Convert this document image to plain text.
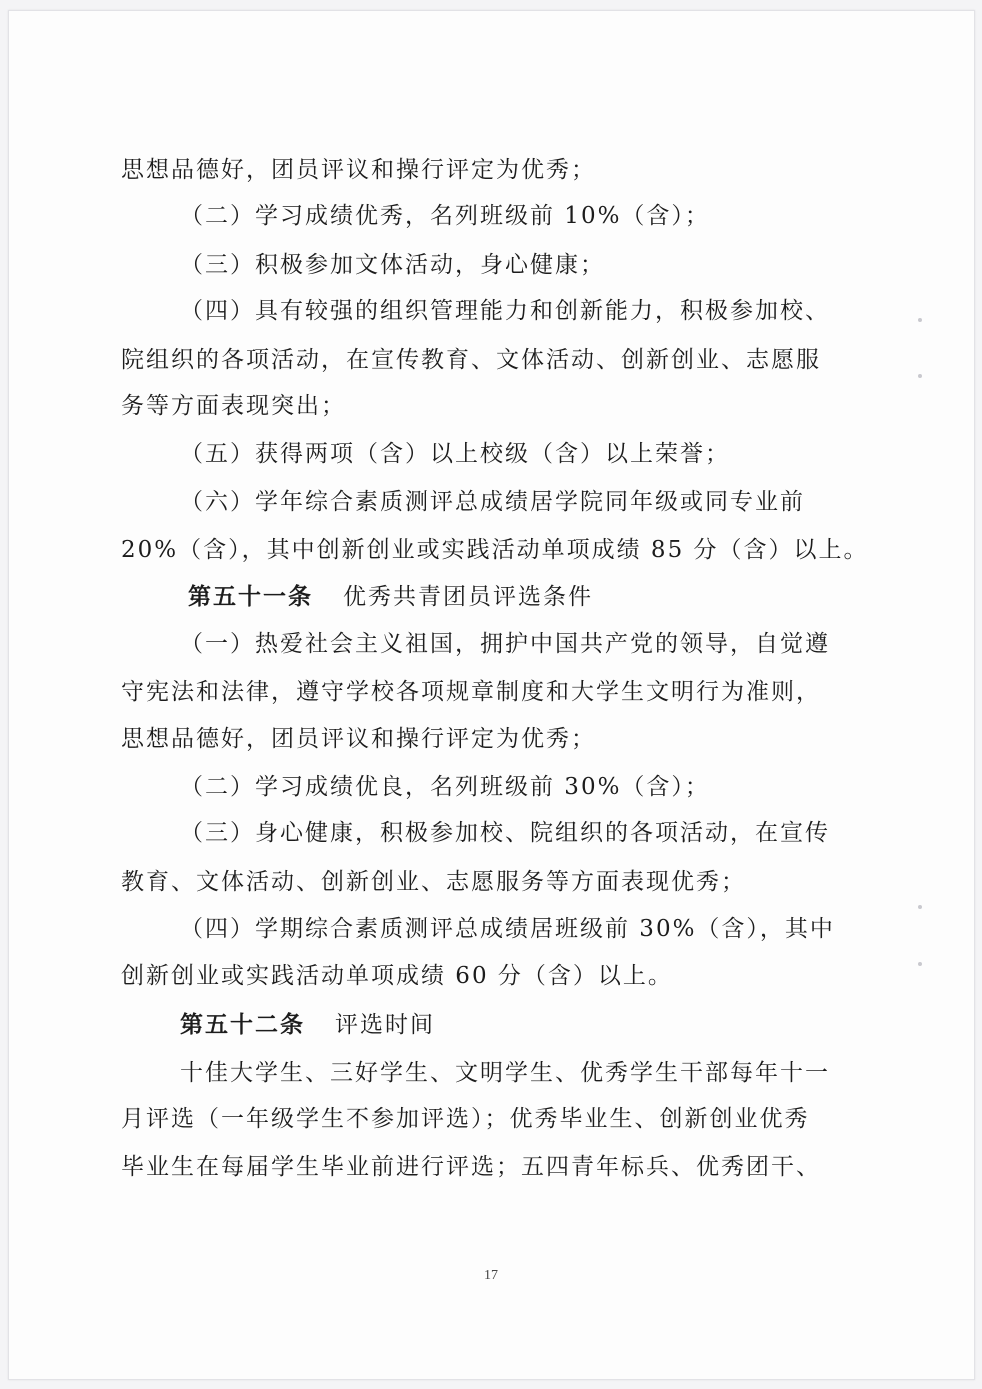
思想品德好，团员评议和操行评定为优秀；
（二）学习成绩优秀，名列班级前 10%（含）；
（三）积极参加文体活动，身心健康；
（四）具有较强的组织管理能力和创新能力，积极参加校、
院组织的各项活动，在宣传教育、文体活动、创新创业、志愿服
务等方面表现突出；
（五）获得两项（含）以上校级（含）以上荣誉；
（六）学年综合素质测评总成绩居学院同年级或同专业前
20%（含），其中创新创业或实践活动单项成绩 85 分（含）以上。
第五十一条 优秀共青团员评选条件
（一）热爱社会主义祖国，拥护中国共产党的领导，自觉遵
守宪法和法律，遵守学校各项规章制度和大学生文明行为准则，
思想品德好，团员评议和操行评定为优秀；
（二）学习成绩优良，名列班级前 30%（含）；
（三）身心健康，积极参加校、院组织的各项活动，在宣传
教育、文体活动、创新创业、志愿服务等方面表现优秀；
（四）学期综合素质测评总成绩居班级前 30%（含），其中
创新创业或实践活动单项成绩 60 分（含）以上。
第五十二条 评选时间
十佳大学生、三好学生、文明学生、优秀学生干部每年十一
月评选（一年级学生不参加评选）；优秀毕业生、创新创业优秀
毕业生在每届学生毕业前进行评选；五四青年标兵、优秀团干、
17
